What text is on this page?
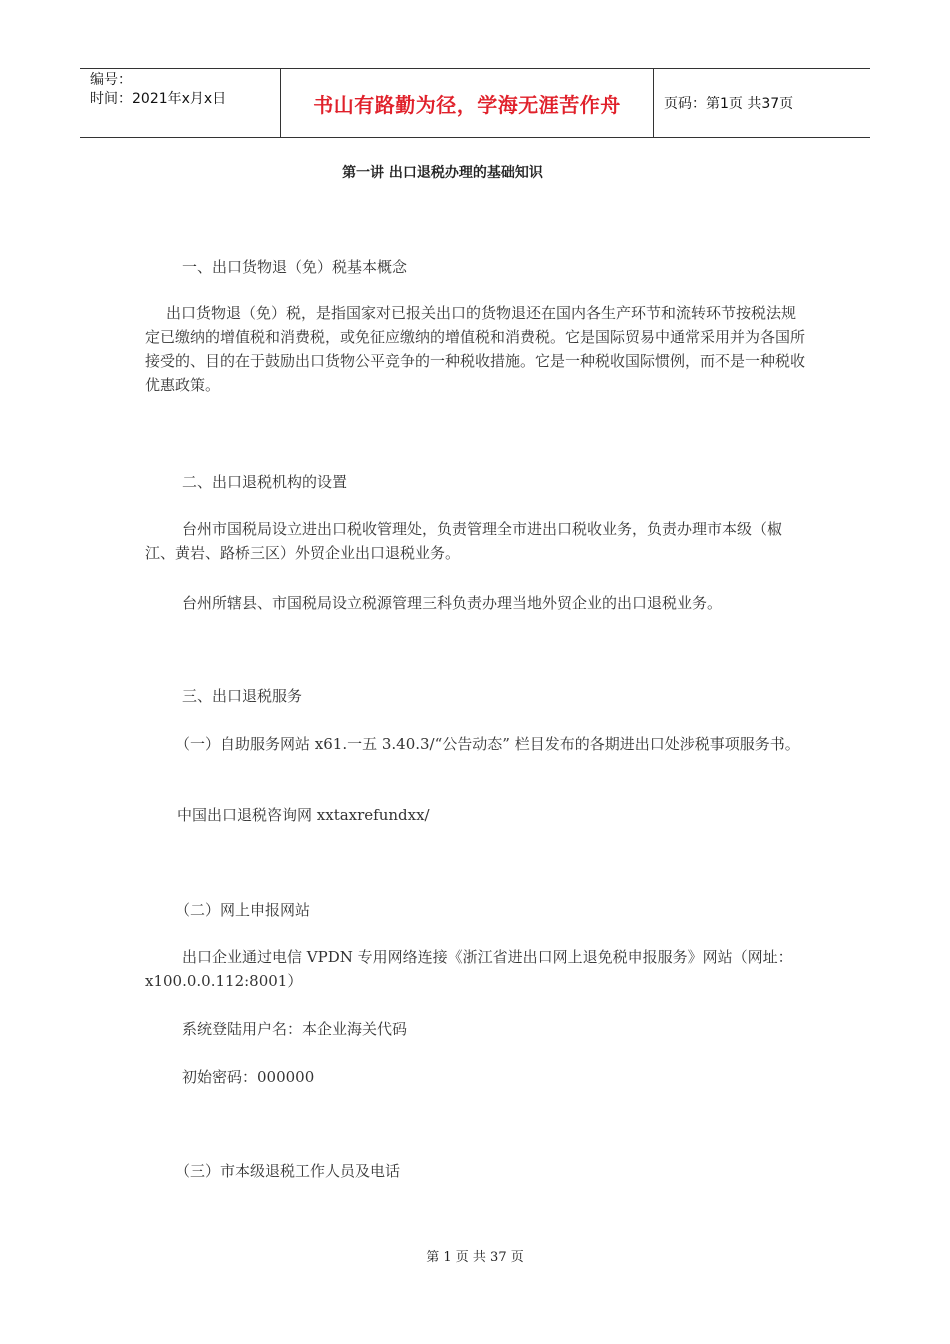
编号：
时间：2021年x月x日	书山有路勤为径，学海无涯苦作舟	页码：第1页 共37页
第一讲 出口退税办理的基础知识
一、出口货物退（免）税基本概念
出口货物退（免）税，是指国家对已报关出口的货物退还在国内各生产环节和流转环节按税法规定已缴纳的增值税和消费税，或免征应缴纳的增值税和消费税。它是国际贸易中通常采用并为各国所接受的、目的在于鼓励出口货物公平竞争的一种税收措施。它是一种税收国际惯例，而不是一种税收优惠政策。
二、出口退税机构的设置
台州市国税局设立进出口税收管理处，负责管理全市进出口税收业务，负责办理市本级（椒江、黄岩、路桥三区）外贸企业出口退税业务。
台州所辖县、市国税局设立税源管理三科负责办理当地外贸企业的出口退税业务。
三、出口退税服务
（一）自助服务网站 x61.一五 3.40.3/“公告动态” 栏目发布的各期进出口处涉税事项服务书。
中国出口退税咨询网 xxtaxrefundxx/
（二）网上申报网站
出口企业通过电信 VPDN 专用网络连接《浙江省进出口网上退免税申报服务》网站（网址：x100.0.0.112:8001）
系统登陆用户名：本企业海关代码
初始密码：000000
（三）市本级退税工作人员及电话
第 1 页 共 37 页
